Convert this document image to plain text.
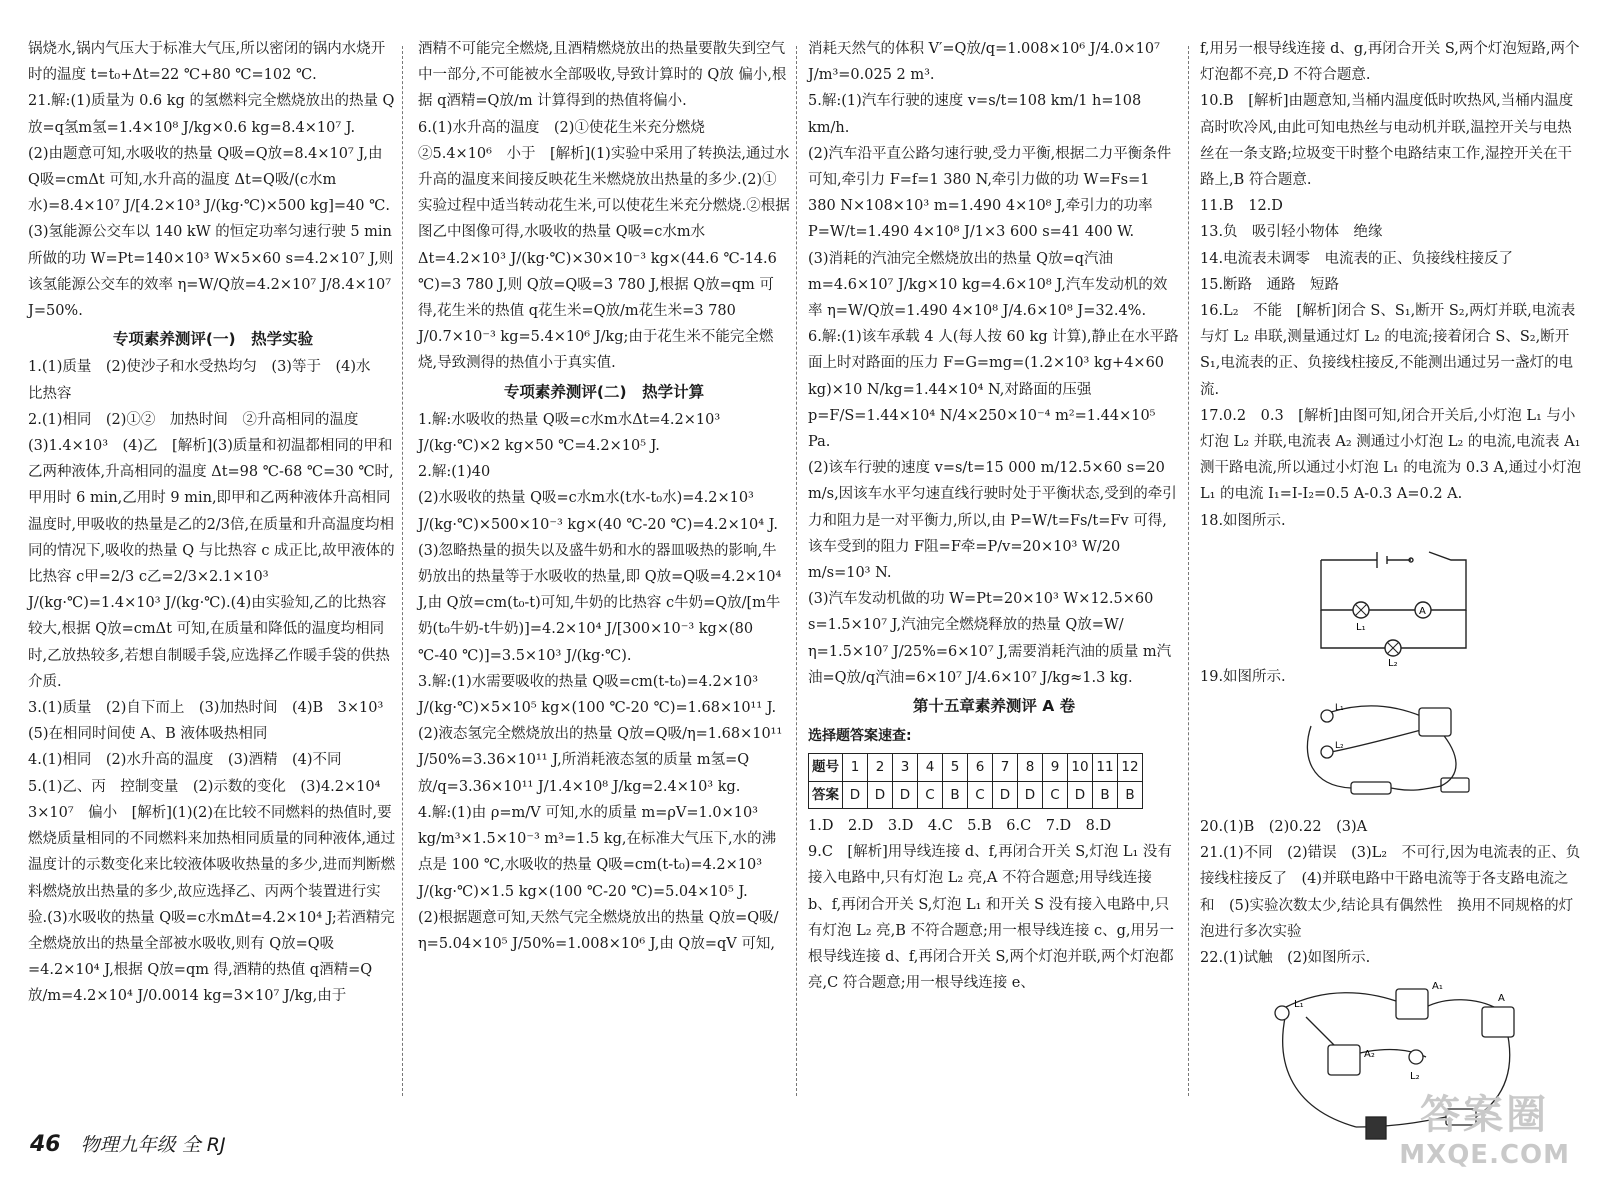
锅烧水,锅内气压大于标准大气压,所以密闭的锅内水烧开时的温度 t=t₀+Δt=22 ℃+80 ℃=102 ℃.

21.解:(1)质量为 0.6 kg 的氢燃料完全燃烧放出的热量 Q放=q氢m氢=1.4×10⁸ J/kg×0.6 kg=8.4×10⁷ J.

(2)由题意可知,水吸收的热量 Q吸=Q放=8.4×10⁷ J,由 Q吸=cmΔt 可知,水升高的温度 Δt=Q吸/(c水m水)=8.4×10⁷ J/[4.2×10³ J/(kg·℃)×500 kg]=40 ℃.

(3)氢能源公交车以 140 kW 的恒定功率匀速行驶 5 min所做的功 W=Pt=140×10³ W×5×60 s=4.2×10⁷ J,则该氢能源公交车的效率 η=W/Q放=4.2×10⁷ J/8.4×10⁷ J=50%.

专项素养测评(一)　热学实验

1.(1)质量　(2)使沙子和水受热均匀　(3)等于　(4)水　比热容

2.(1)相同　(2)①②　加热时间　②升高相同的温度　(3)1.4×10³　(4)乙　[解析](3)质量和初温都相同的甲和乙两种液体,升高相同的温度 Δt=98 ℃-68 ℃=30 ℃时,甲用时 6 min,乙用时 9 min,即甲和乙两种液体升高相同温度时,甲吸收的热量是乙的2/3倍,在质量和升高温度均相同的情况下,吸收的热量 Q 与比热容 c 成正比,故甲液体的比热容 c甲=2/3 c乙=2/3×2.1×10³ J/(kg·℃)=1.4×10³ J/(kg·℃).(4)由实验知,乙的比热容较大,根据 Q放=cmΔt 可知,在质量和降低的温度均相同时,乙放热较多,若想自制暖手袋,应选择乙作暖手袋的供热介质.

3.(1)质量　(2)自下而上　(3)加热时间　(4)B　3×10³　(5)在相同时间使 A、B 液体吸热相同

4.(1)相同　(2)水升高的温度　(3)酒精　(4)不同

5.(1)乙、丙　控制变量　(2)示数的变化　(3)4.2×10⁴　3×10⁷　偏小　[解析](1)(2)在比较不同燃料的热值时,要燃烧质量相同的不同燃料来加热相同质量的同种液体,通过温度计的示数变化来比较液体吸收热量的多少,进而判断燃料燃烧放出热量的多少,故应选择乙、丙两个装置进行实验.(3)水吸收的热量 Q吸=c水mΔt=4.2×10⁴ J;若酒精完全燃烧放出的热量全部被水吸收,则有 Q放=Q吸=4.2×10⁴ J,根据 Q放=qm 得,酒精的热值 q酒精=Q放/m=4.2×10⁴ J/0.0014 kg=3×10⁷ J/kg,由于

酒精不可能完全燃烧,且酒精燃烧放出的热量要散失到空气中一部分,不可能被水全部吸收,导致计算时的 Q放 偏小,根据 q酒精=Q放/m 计算得到的热值将偏小.

6.(1)水升高的温度　(2)①使花生米充分燃烧　②5.4×10⁶　小于　[解析](1)实验中采用了转换法,通过水升高的温度来间接反映花生米燃烧放出热量的多少.(2)①实验过程中适当转动花生米,可以使花生米充分燃烧.②根据图乙中图像可得,水吸收的热量 Q吸=c水m水Δt=4.2×10³ J/(kg·℃)×30×10⁻³ kg×(44.6 ℃-14.6 ℃)=3 780 J,则 Q放=Q吸=3 780 J,根据 Q放=qm 可得,花生米的热值 q花生米=Q放/m花生米=3 780 J/0.7×10⁻³ kg=5.4×10⁶ J/kg;由于花生米不能完全燃烧,导致测得的热值小于真实值.

专项素养测评(二)　热学计算

1.解:水吸收的热量 Q吸=c水m水Δt=4.2×10³ J/(kg·℃)×2 kg×50 ℃=4.2×10⁵ J.

2.解:(1)40

(2)水吸收的热量 Q吸=c水m水(t水-t₀水)=4.2×10³ J/(kg·℃)×500×10⁻³ kg×(40 ℃-20 ℃)=4.2×10⁴ J.

(3)忽略热量的损失以及盛牛奶和水的器皿吸热的影响,牛奶放出的热量等于水吸收的热量,即 Q放=Q吸=4.2×10⁴ J,由 Q放=cm(t₀-t)可知,牛奶的比热容 c牛奶=Q放/[m牛奶(t₀牛奶-t牛奶)]=4.2×10⁴ J/[300×10⁻³ kg×(80 ℃-40 ℃)]=3.5×10³ J/(kg·℃).

3.解:(1)水需要吸收的热量 Q吸=cm(t-t₀)=4.2×10³ J/(kg·℃)×5×10⁵ kg×(100 ℃-20 ℃)=1.68×10¹¹ J.

(2)液态氢完全燃烧放出的热量 Q放=Q吸/η=1.68×10¹¹ J/50%=3.36×10¹¹ J,所消耗液态氢的质量 m氢=Q放/q=3.36×10¹¹ J/1.4×10⁸ J/kg=2.4×10³ kg.

4.解:(1)由 ρ=m/V 可知,水的质量 m=ρV=1.0×10³ kg/m³×1.5×10⁻³ m³=1.5 kg,在标准大气压下,水的沸点是 100 ℃,水吸收的热量 Q吸=cm(t-t₀)=4.2×10³ J/(kg·℃)×1.5 kg×(100 ℃-20 ℃)=5.04×10⁵ J.

(2)根据题意可知,天然气完全燃烧放出的热量 Q放=Q吸/η=5.04×10⁵ J/50%=1.008×10⁶ J,由 Q放=qV 可知,

消耗天然气的体积 V′=Q放/q=1.008×10⁶ J/4.0×10⁷ J/m³=0.025 2 m³.

5.解:(1)汽车行驶的速度 v=s/t=108 km/1 h=108 km/h.

(2)汽车沿平直公路匀速行驶,受力平衡,根据二力平衡条件可知,牵引力 F=f=1 380 N,牵引力做的功 W=Fs=1 380 N×108×10³ m=1.490 4×10⁸ J,牵引力的功率 P=W/t=1.490 4×10⁸ J/1×3 600 s=41 400 W.

(3)消耗的汽油完全燃烧放出的热量 Q放=q汽油m=4.6×10⁷ J/kg×10 kg=4.6×10⁸ J,汽车发动机的效率 η=W/Q放=1.490 4×10⁸ J/4.6×10⁸ J=32.4%.

6.解:(1)该车承载 4 人(每人按 60 kg 计算),静止在水平路面上时对路面的压力 F=G=mg=(1.2×10³ kg+4×60 kg)×10 N/kg=1.44×10⁴ N,对路面的压强 p=F/S=1.44×10⁴ N/4×250×10⁻⁴ m²=1.44×10⁵ Pa.

(2)该车行驶的速度 v=s/t=15 000 m/12.5×60 s=20 m/s,因该车水平匀速直线行驶时处于平衡状态,受到的牵引力和阻力是一对平衡力,所以,由 P=W/t=Fs/t=Fv 可得,该车受到的阻力 F阻=F牵=P/v=20×10³ W/20 m/s=10³ N.

(3)汽车发动机做的功 W=Pt=20×10³ W×12.5×60 s=1.5×10⁷ J,汽油完全燃烧释放的热量 Q放=W/η=1.5×10⁷ J/25%=6×10⁷ J,需要消耗汽油的质量 m汽油=Q放/q汽油=6×10⁷ J/4.6×10⁷ J/kg≈1.3 kg.

第十五章素养测评 A 卷
选择题答案速查:
题号	1	2	3	4	5	6	7	8	9	10	11	12
答案	D	D	D	C	B	C	D	D	C	D	B	B

1.D　2.D　3.D　4.C　5.B　6.C　7.D　8.D

9.C　[解析]用导线连接 d、f,再闭合开关 S,灯泡 L₁ 没有接入电路中,只有灯泡 L₂ 亮,A 不符合题意;用导线连接 b、f,再闭合开关 S,灯泡 L₁ 和开关 S 没有接入电路中,只有灯泡 L₂ 亮,B 不符合题意;用一根导线连接 c、g,用另一根导线连接 d、f,再闭合开关 S,两个灯泡并联,两个灯泡都亮,C 符合题意;用一根导线连接 e、

f,用另一根导线连接 d、g,再闭合开关 S,两个灯泡短路,两个灯泡都不亮,D 不符合题意.

10.B　[解析]由题意知,当桶内温度低时吹热风,当桶内温度高时吹冷风,由此可知电热丝与电动机并联,温控开关与电热丝在一条支路;垃圾变干时整个电路结束工作,湿控开关在干路上,B 符合题意.

11.B　12.D

13.负　吸引轻小物体　绝缘

14.电流表未调零　电流表的正、负接线柱接反了

15.断路　通路　短路

16.L₂　不能　[解析]闭合 S、S₁,断开 S₂,两灯并联,电流表与灯 L₂ 串联,测量通过灯 L₂ 的电流;接着闭合 S、S₂,断开 S₁,电流表的正、负接线柱接反,不能测出通过另一盏灯的电流.

17.0.2　0.3　[解析]由图可知,闭合开关后,小灯泡 L₁ 与小灯泡 L₂ 并联,电流表 A₂ 测通过小灯泡 L₂ 的电流,电流表 A₁ 测干路电流,所以通过小灯泡 L₁ 的电流为 0.3 A,通过小灯泡 L₁ 的电流 I₁=I-I₂=0.5 A-0.3 A=0.2 A.

18.如图所示.

A
L₁
L₂

19.如图所示.

L₁
L₂

20.(1)B　(2)0.22　(3)A

21.(1)不同　(2)错误　(3)L₂　不可行,因为电流表的正、负接线柱接反了　(4)并联电路中干路电流等于各支路电流之和　(5)实验次数太少,结论具有偶然性　换用不同规格的灯泡进行多次实验

22.(1)试触　(2)如图所示.

L₁
L₂
A₁
A
A₂
46 物理九年级 全 RJ
答案圈
MXQE.COM
